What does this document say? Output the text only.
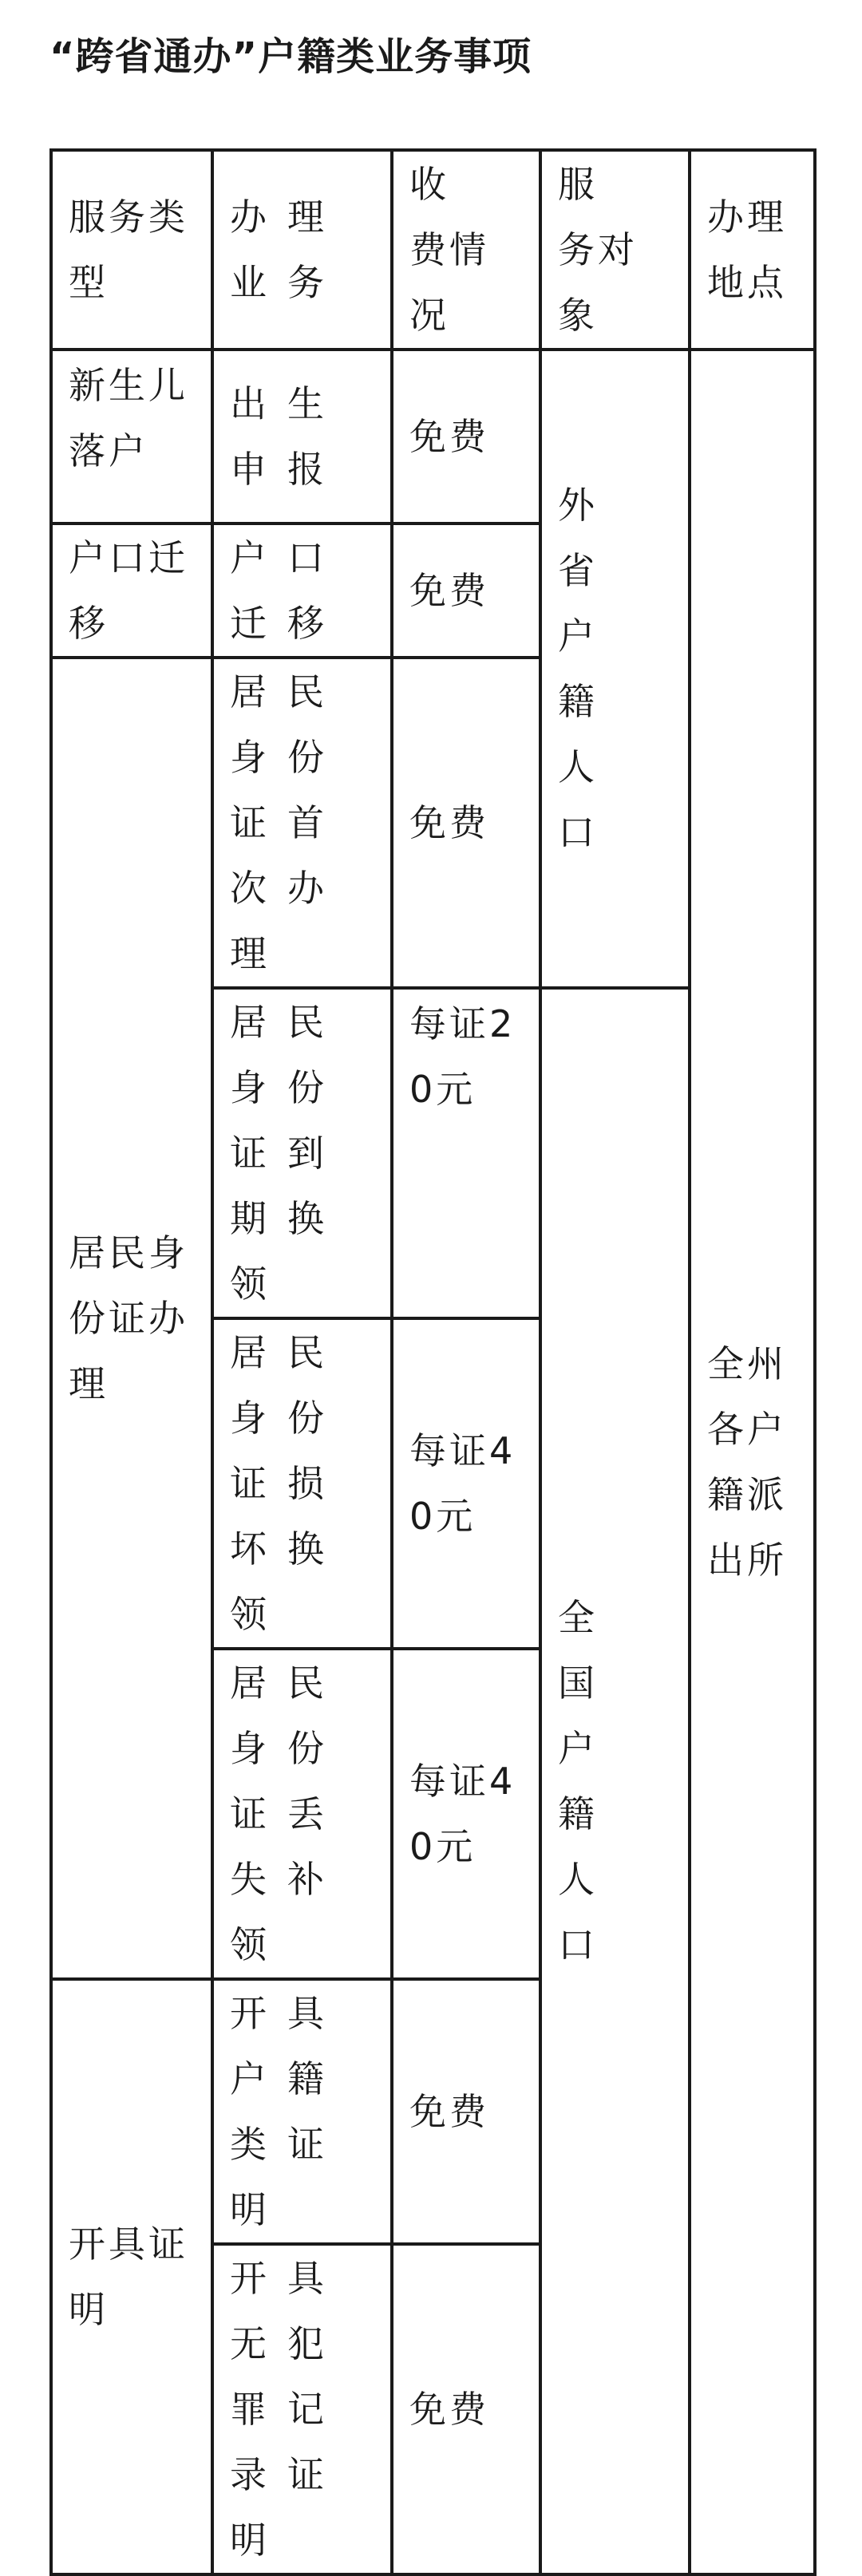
“跨省通办”户籍类业务事项
服务类型	办理业务	收　费情况	服　务对象	办理地点
新生儿落户	出生申报	免费	外省户籍人口	全州各户籍派出所
户口迁移	户口迁移	免费		
居民身份证办理	居民身份证首次办理	免费		
	居民身份证到期换领	每证20元	全国户籍人口	
	居民身份证损坏换领	每证40元		
	居民身份证丢失补领	每证40元		
开具证明	开具户籍类证明	免费		
	开具无犯罪记录证明	免费		
